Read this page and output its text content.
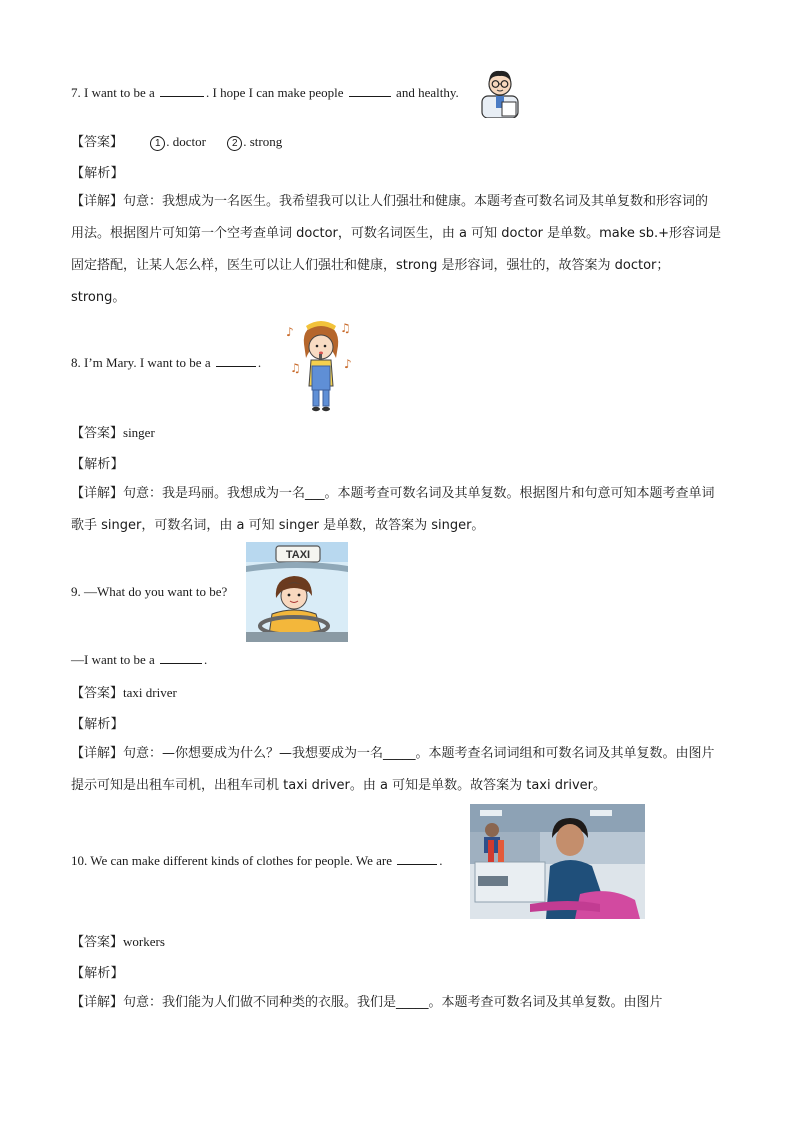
7. I want to be a	. I hope I can make people	and healthy.
【答案】	1 . doctor	2 . strong
【解析】
【详解】句意：我想成为一名医生。我希望我可以让人们强壮和健康。本题考查可数名词及其单复数和形容词的用法。根据图片可知第一个空考查单词 doctor，可数名词医生，由 a 可知 doctor 是单数。make sb.+形容词是固定搭配，让某人怎么样，医生可以让人们强壮和健康，strong 是形容词，强壮的，故答案为 doctor；strong。
♪	♫
♫	♪
8. I’m Mary. I want to be a	.
【答案】singer
【解析】
【详解】句意：我是玛丽。我想成为一名___。本题考查可数名词及其单复数。根据图片和句意可知本题考查单词歌手 singer，可数名词，由 a 可知 singer 是单数，故答案为 singer。
TAXI
9. —What do you want to be?
—I want to be a	.
【答案】taxi driver
【解析】
【详解】句意：—你想要成为什么？—我想要成为一名_____。本题考查名词词组和可数名词及其单复数。由图片提示可知是出租车司机，出租车司机 taxi driver。由 a 可知是单数。故答案为 taxi driver。
10. We can make different kinds of clothes for people. We are	.
【答案】workers
【解析】
【详解】句意：我们能为人们做不同种类的衣服。我们是_____。本题考查可数名词及其单复数。由图片
